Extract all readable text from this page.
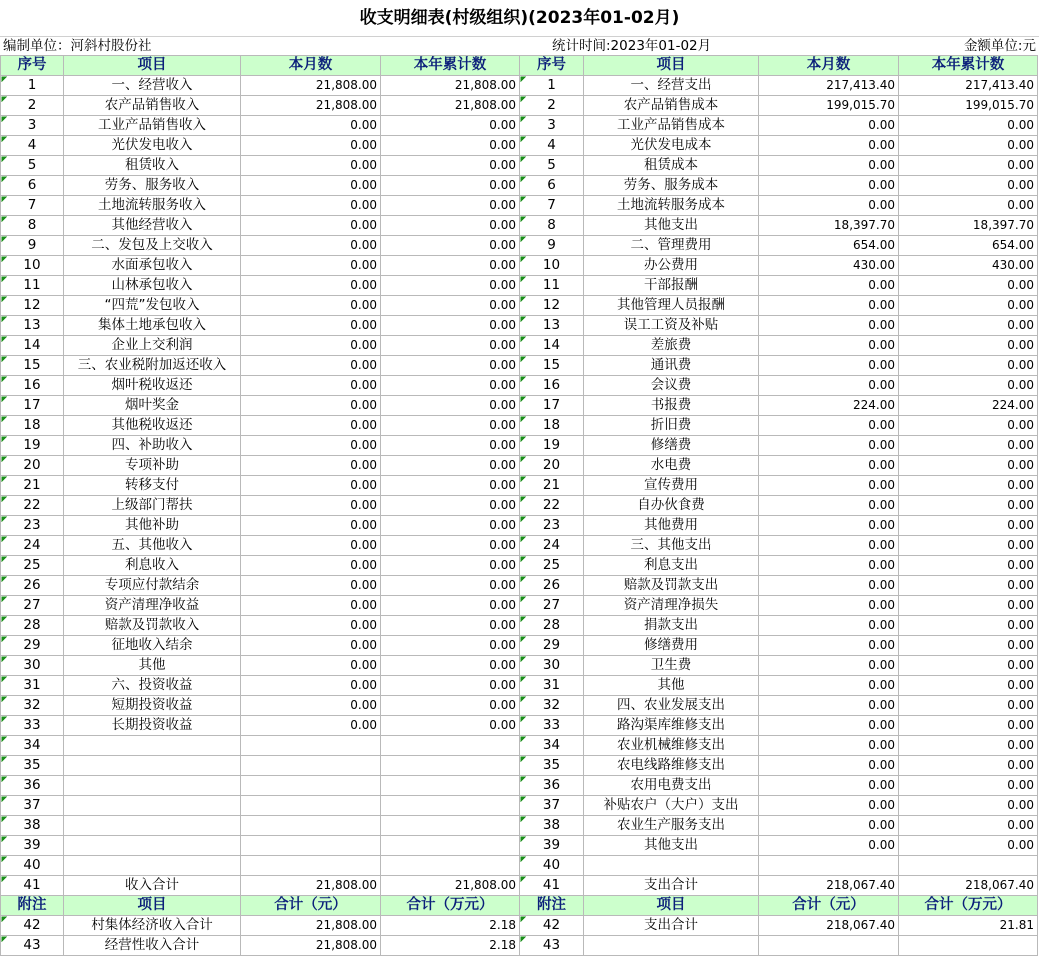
收支明细表(村级组织)(2023年01-02月)
编制单位：河斜村股份社	统计时间:2023年01-02月	金额单位:元
序号	项目	本月数	本年累计数	序号	项目	本月数	本年累计数
1	一、经营收入	21,808.00	21,808.00	1	一、经营支出	217,413.40	217,413.40
2	农产品销售收入	21,808.00	21,808.00	2	农产品销售成本	199,015.70	199,015.70
3	工业产品销售收入	0.00	0.00	3	工业产品销售成本	0.00	0.00
4	光伏发电收入	0.00	0.00	4	光伏发电成本	0.00	0.00
5	租赁收入	0.00	0.00	5	租赁成本	0.00	0.00
6	劳务、服务收入	0.00	0.00	6	劳务、服务成本	0.00	0.00
7	土地流转服务收入	0.00	0.00	7	土地流转服务成本	0.00	0.00
8	其他经营收入	0.00	0.00	8	其他支出	18,397.70	18,397.70
9	二、发包及上交收入	0.00	0.00	9	二、管理费用	654.00	654.00
10	水面承包收入	0.00	0.00	10	办公费用	430.00	430.00
11	山林承包收入	0.00	0.00	11	干部报酬	0.00	0.00
12	“四荒”发包收入	0.00	0.00	12	其他管理人员报酬	0.00	0.00
13	集体土地承包收入	0.00	0.00	13	误工工资及补贴	0.00	0.00
14	企业上交利润	0.00	0.00	14	差旅费	0.00	0.00
15	三、农业税附加返还收入	0.00	0.00	15	通讯费	0.00	0.00
16	烟叶税收返还	0.00	0.00	16	会议费	0.00	0.00
17	烟叶奖金	0.00	0.00	17	书报费	224.00	224.00
18	其他税收返还	0.00	0.00	18	折旧费	0.00	0.00
19	四、补助收入	0.00	0.00	19	修缮费	0.00	0.00
20	专项补助	0.00	0.00	20	水电费	0.00	0.00
21	转移支付	0.00	0.00	21	宣传费用	0.00	0.00
22	上级部门帮扶	0.00	0.00	22	自办伙食费	0.00	0.00
23	其他补助	0.00	0.00	23	其他费用	0.00	0.00
24	五、其他收入	0.00	0.00	24	三、其他支出	0.00	0.00
25	利息收入	0.00	0.00	25	利息支出	0.00	0.00
26	专项应付款结余	0.00	0.00	26	赔款及罚款支出	0.00	0.00
27	资产清理净收益	0.00	0.00	27	资产清理净损失	0.00	0.00
28	赔款及罚款收入	0.00	0.00	28	捐款支出	0.00	0.00
29	征地收入结余	0.00	0.00	29	修缮费用	0.00	0.00
30	其他	0.00	0.00	30	卫生费	0.00	0.00
31	六、投资收益	0.00	0.00	31	其他	0.00	0.00
32	短期投资收益	0.00	0.00	32	四、农业发展支出	0.00	0.00
33	长期投资收益	0.00	0.00	33	路沟渠库维修支出	0.00	0.00
34				34	农业机械维修支出	0.00	0.00
35				35	农电线路维修支出	0.00	0.00
36				36	农用电费支出	0.00	0.00
37				37	补贴农户（大户）支出	0.00	0.00
38				38	农业生产服务支出	0.00	0.00
39				39	其他支出	0.00	0.00
40				40			
41	收入合计	21,808.00	21,808.00	41	支出合计	218,067.40	218,067.40
附注	项目	合计（元）	合计（万元）	附注	项目	合计（元）	合计（万元）
42	村集体经济收入合计	21,808.00	2.18	42	支出合计	218,067.40	21.81
43	经营性收入合计	21,808.00	2.18	43			
